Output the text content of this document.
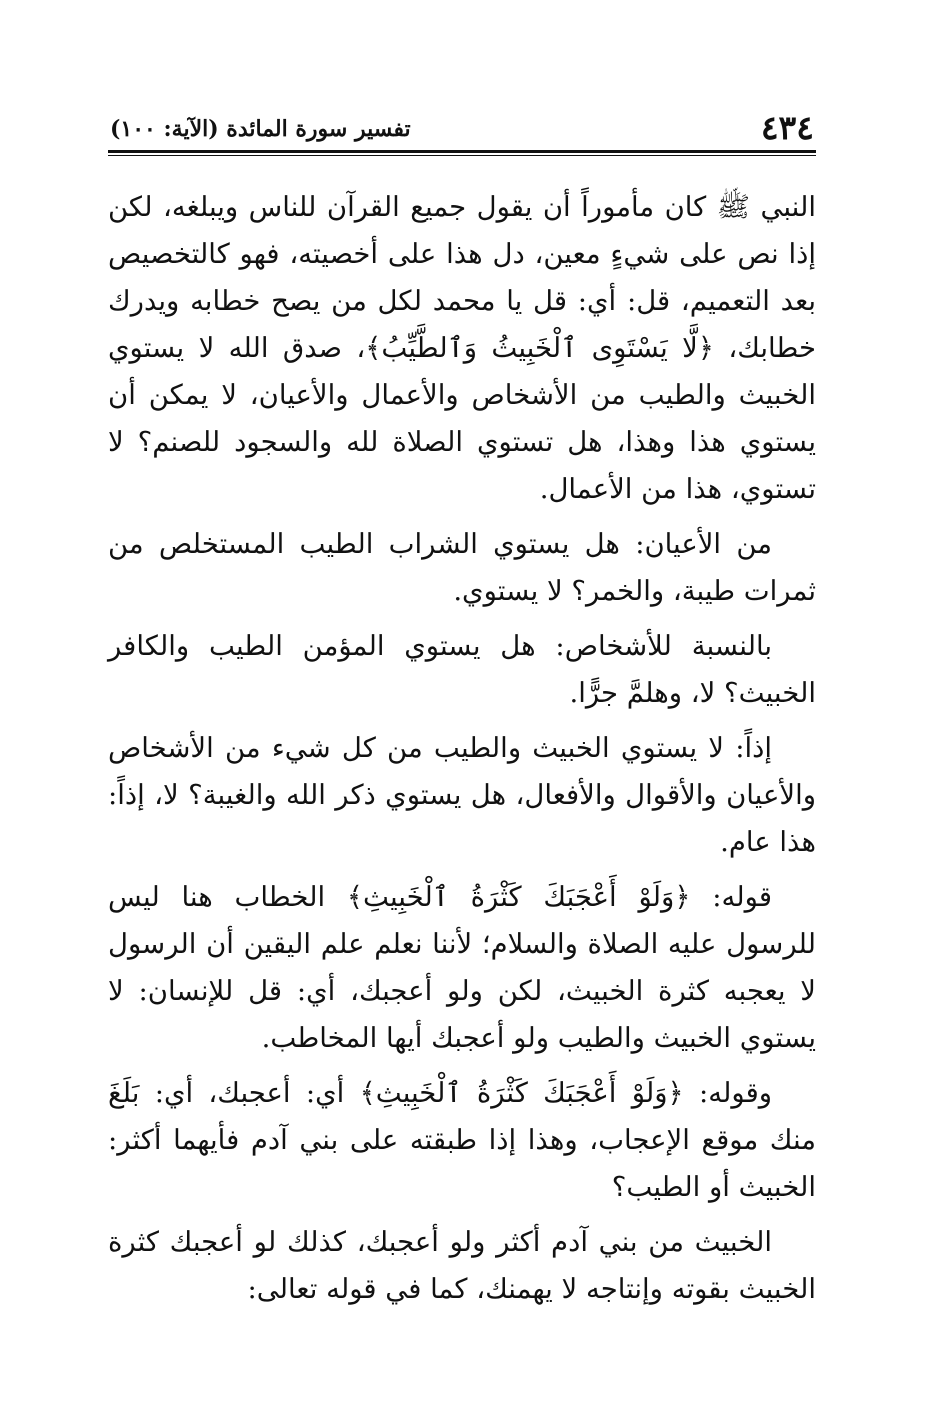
٤٣٤
تفسير سورة المائدة (الآية: ١٠٠)

النبي ﷺ كان مأموراً أن يقول جميع القرآن للناس ويبلغه، لكن إذا نص على شيءٍ معين، دل هذا على أخصيته، فهو كالتخصيص بعد التعميم، قل: أي: قل يا محمد لكل من يصح خطابه ويدرك خطابك، ﴿لَّا يَسْتَوِى ٱلْخَبِيثُ وَٱلطَّيِّبُ﴾، صدق الله لا يستوي الخبيث والطيب من الأشخاص والأعمال والأعيان، لا يمكن أن يستوي هذا وهذا، هل تستوي الصلاة لله والسجود للصنم؟ لا تستوي، هذا من الأعمال.

من الأعيان: هل يستوي الشراب الطيب المستخلص من ثمرات طيبة، والخمر؟ لا يستوي.

بالنسبة للأشخاص: هل يستوي المؤمن الطيب والكافر الخبيث؟ لا، وهلمَّ جرًّا.

إذاً: لا يستوي الخبيث والطيب من كل شيء من الأشخاص والأعيان والأقوال والأفعال، هل يستوي ذكر الله والغيبة؟ لا، إذاً: هذا عام.

قوله: ﴿وَلَوْ أَعْجَبَكَ كَثْرَةُ ٱلْخَبِيثِ﴾ الخطاب هنا ليس للرسول عليه الصلاة والسلام؛ لأننا نعلم علم اليقين أن الرسول لا يعجبه كثرة الخبيث، لكن ولو أعجبك، أي: قل للإنسان: لا يستوي الخبيث والطيب ولو أعجبك أيها المخاطب.

وقوله: ﴿وَلَوْ أَعْجَبَكَ كَثْرَةُ ٱلْخَبِيثِ﴾ أي: أعجبك، أي: بَلَغَ منك موقع الإعجاب، وهذا إذا طبقته على بني آدم فأيهما أكثر: الخبيث أو الطيب؟

الخبيث من بني آدم أكثر ولو أعجبك، كذلك لو أعجبك كثرة الخبيث بقوته وإنتاجه لا يهمنك، كما في قوله تعالى:
